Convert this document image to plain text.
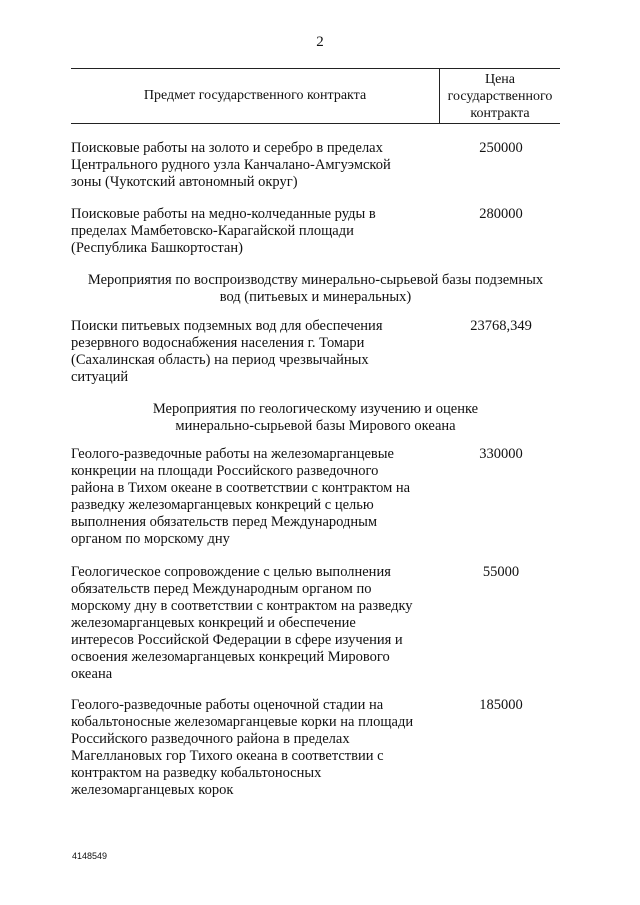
2
Предмет государственного контракта
Цена
государственного
контракта
Поисковые работы на золото и серебро в пределах
Центрального рудного узла Канчалано-Амгуэмской
зоны (Чукотский автономный округ)
250000
Поисковые работы на медно-колчеданные руды в
пределах Мамбетовско-Карагайской площади
(Республика Башкортостан)
280000
Мероприятия по воспроизводству минерально-сырьевой базы подземных
вод (питьевых и минеральных)
Поиски питьевых подземных вод для обеспечения
резервного водоснабжения населения г. Томари
(Сахалинская область) на период чрезвычайных
ситуаций
23768,349
Мероприятия по геологическому изучению и оценке
минерально-сырьевой базы Мирового океана
Геолого-разведочные работы на железомарганцевые
конкреции на площади Российского разведочного
района в Тихом океане в соответствии с контрактом на
разведку железомарганцевых конкреций с целью
выполнения обязательств перед Международным
органом по морскому дну
330000
Геологическое сопровождение с целью выполнения
обязательств перед Международным органом по
морскому дну в соответствии с контрактом на разведку
железомарганцевых конкреций и обеспечение
интересов Российской Федерации в сфере изучения и
освоения железомарганцевых конкреций Мирового
океана
55000
Геолого-разведочные работы оценочной стадии на
кобальтоносные железомарганцевые корки на площади
Российского разведочного района в пределах
Магеллановых гор Тихого океана в соответствии с
контрактом на разведку кобальтоносных
железомарганцевых корок
185000
4148549
